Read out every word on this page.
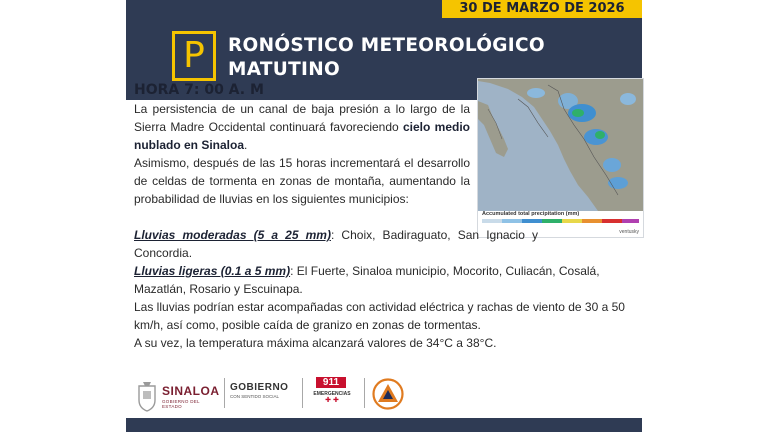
30 DE MARZO DE 2026
P	RONÓSTICO METEOROLÓGICO
MATUTINO
HORA 7: 00 A. M
Accumulated total precipitation (mm)
ventusky

La persistencia de un canal de baja presión a lo largo de la Sierra Madre Occidental continuará favoreciendo cielo medio nublado en Sinaloa.

Asimismo, después de las 15 horas incrementará el desarrollo de celdas de tormenta en zonas de montaña, aumentando la probabilidad de lluvias en los siguientes municipios:

Lluvias moderadas (5 a 25 mm): Choix, Badiraguato, San Ignacio y Concordia.

Lluvias ligeras (0.1 a 5 mm): El Fuerte, Sinaloa municipio, Mocorito, Culiacán, Cosalá, Mazatlán, Rosario y Escuinapa.

Las lluvias podrían estar acompañadas con actividad eléctrica y rachas de viento de 30 a 50 km/h, así como, posible caída de granizo en zonas de tormentas.

A su vez, la temperatura máxima alcanzará valores de 34°C a 38°C.

SINALOA
GOBIERNO DEL ESTADO
GOBIERNO
CON SENTIDO SOCIAL
911
EMERGENCIAS
✚ ✚
